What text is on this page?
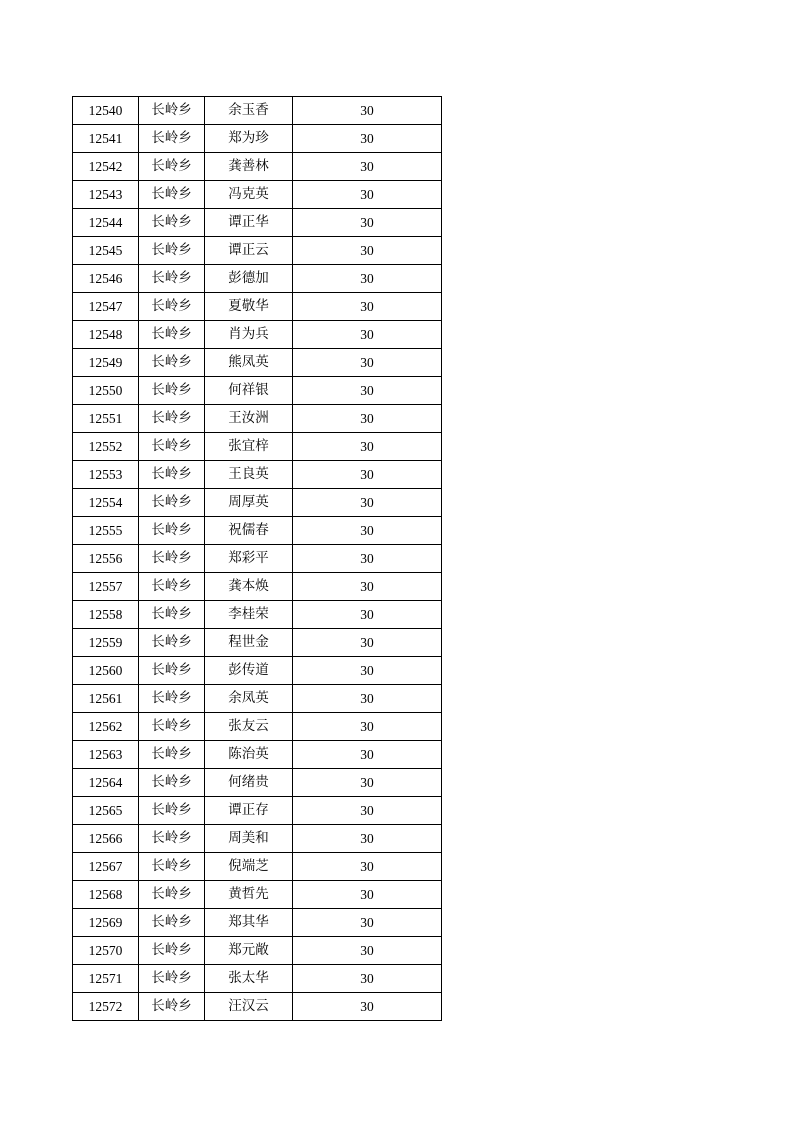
12540	长岭乡	余玉香	30
12541	长岭乡	郑为珍	30
12542	长岭乡	龚善林	30
12543	长岭乡	冯克英	30
12544	长岭乡	谭正华	30
12545	长岭乡	谭正云	30
12546	长岭乡	彭德加	30
12547	长岭乡	夏敬华	30
12548	长岭乡	肖为兵	30
12549	长岭乡	熊凤英	30
12550	长岭乡	何祥银	30
12551	长岭乡	王汝洲	30
12552	长岭乡	张宜梓	30
12553	长岭乡	王良英	30
12554	长岭乡	周厚英	30
12555	长岭乡	祝儒春	30
12556	长岭乡	郑彩平	30
12557	长岭乡	龚本焕	30
12558	长岭乡	李桂荣	30
12559	长岭乡	程世金	30
12560	长岭乡	彭传道	30
12561	长岭乡	余凤英	30
12562	长岭乡	张友云	30
12563	长岭乡	陈治英	30
12564	长岭乡	何绪贵	30
12565	长岭乡	谭正存	30
12566	长岭乡	周美和	30
12567	长岭乡	倪端芝	30
12568	长岭乡	黄哲先	30
12569	长岭乡	郑其华	30
12570	长岭乡	郑元敞	30
12571	长岭乡	张太华	30
12572	长岭乡	汪汉云	30
